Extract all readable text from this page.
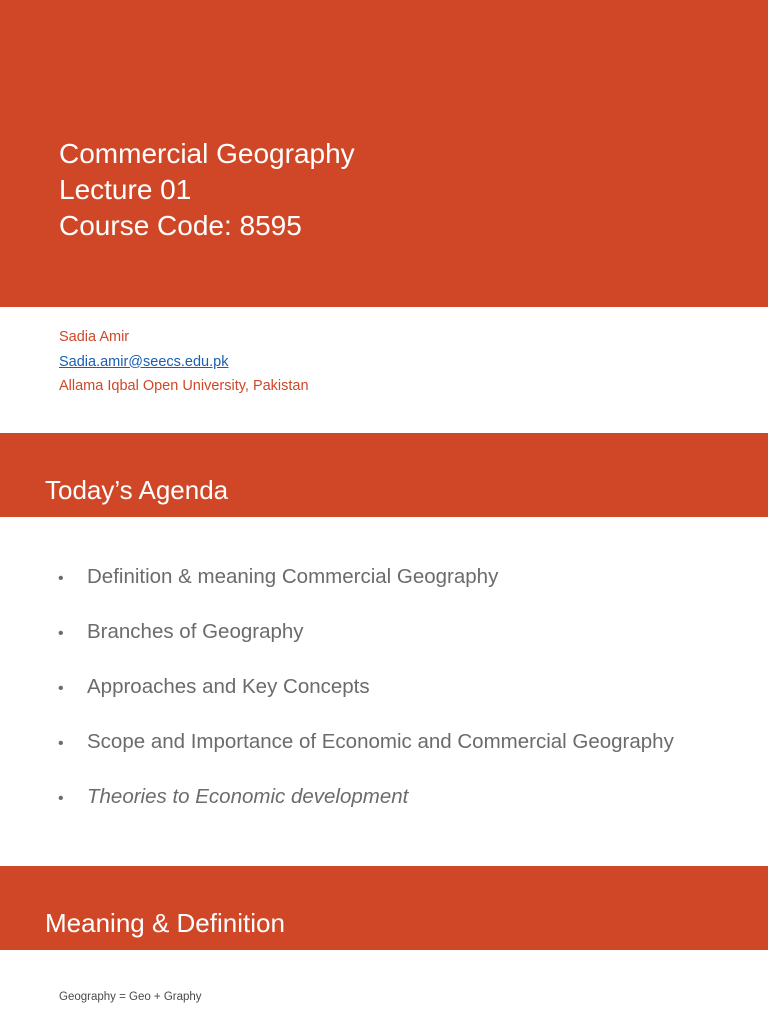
Commercial Geography
Lecture 01
Course Code: 8595
Sadia Amir
Sadia.amir@seecs.edu.pk
Allama Iqbal Open University, Pakistan
Today’s Agenda
• Definition & meaning Commercial Geography
• Branches of Geography
• Approaches and Key Concepts
• Scope and Importance of Economic and Commercial Geography
• Theories to Economic development
Meaning & Definition
Geography = Geo + Graphy
